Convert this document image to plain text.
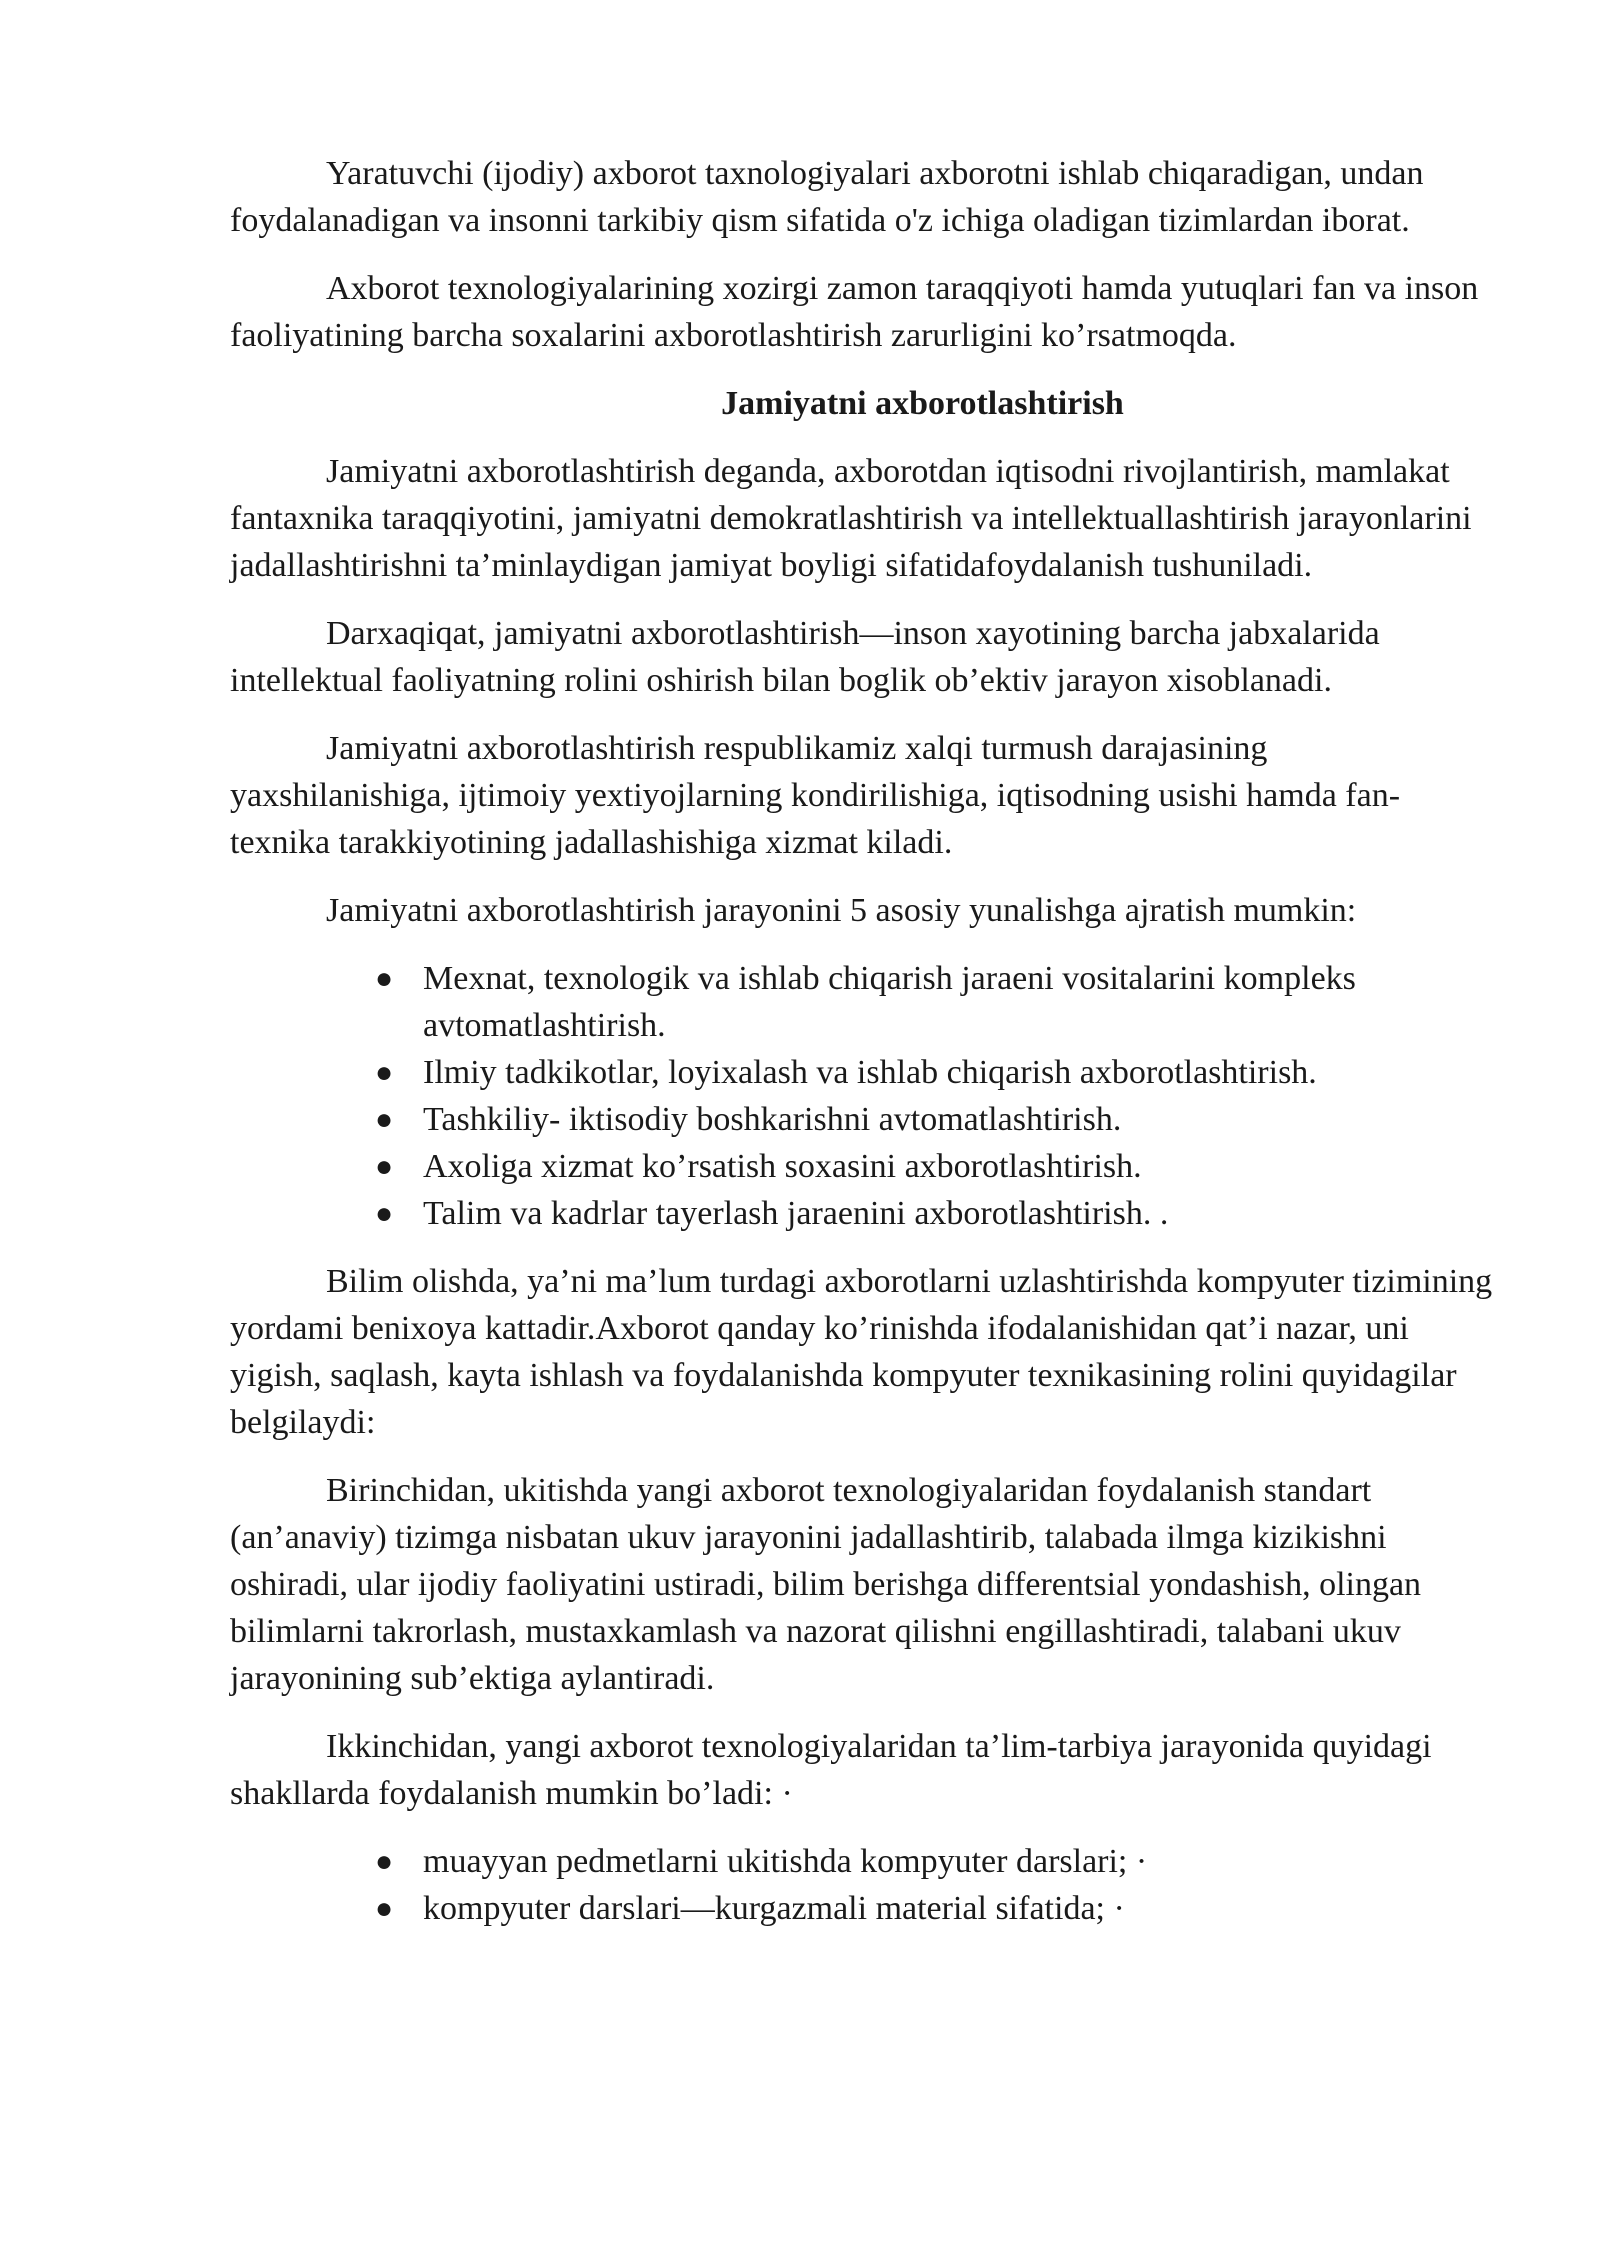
Yaratuvchi (ijodiy) axborot taxnologiyalari axborotni ishlab chiqaradigan, undan foydalanadigan va insonni tarkibiy qism sifatida o'z ichiga oladigan tizimlardan iborat.

Axborot texnologiyalarining xozirgi zamon taraqqiyoti hamda yutuqlari fan va inson faoliyatining barcha soxalarini axborotlashtirish zarurligini ko’rsatmoqda.

Jamiyatni axborotlashtirish

Jamiyatni axborotlashtirish deganda, axborotdan iqtisodni rivojlantirish, mamlakat fantaxnika taraqqiyotini, jamiyatni demokratlashtirish va intellektuallashtirish jarayonlarini jadallashtirishni ta’minlaydigan jamiyat boyligi sifatidafoydalanish tushuniladi.

Darxaqiqat, jamiyatni axborotlashtirish—inson xayotining barcha jabxalarida intellektual faoliyatning rolini oshirish bilan boglik ob’ektiv jarayon xisoblanadi.

Jamiyatni axborotlashtirish respublikamiz xalqi turmush darajasining yaxshilanishiga, ijtimoiy yextiyojlarning kondirilishiga, iqtisodning usishi hamda fan-texnika tarakkiyotining jadallashishiga xizmat kiladi.

Jamiyatni axborotlashtirish jarayonini 5 asosiy yunalishga ajratish mumkin:

● Mexnat, texnologik va ishlab chiqarish jaraeni vositalarini kompleks avtomatlashtirish.
● Ilmiy tadkikotlar, loyixalash va ishlab chiqarish axborotlashtirish.
● Tashkiliy- iktisodiy boshkarishni avtomatlashtirish.
● Axoliga xizmat ko’rsatish soxasini axborotlashtirish.
● Talim va kadrlar tayerlash jaraenini axborotlashtirish. .

Bilim olishda, ya’ni ma’lum turdagi axborotlarni uzlashtirishda kompyuter tizimining yordami benixoya kattadir.Axborot qanday ko’rinishda ifodalanishidan qat’i nazar, uni yigish, saqlash, kayta ishlash va foydalanishda kompyuter texnikasining rolini quyidagilar belgilaydi:

Birinchidan, ukitishda yangi axborot texnologiyalaridan foydalanish standart (an’anaviy) tizimga nisbatan ukuv jarayonini jadallashtirib, talabada ilmga kizikishni oshiradi, ular ijodiy faoliyatini ustiradi, bilim berishga differentsial yondashish, olingan bilimlarni takrorlash, mustaxkamlash va nazorat qilishni engillashtiradi, talabani ukuv jarayonining sub’ektiga aylantiradi.

Ikkinchidan, yangi axborot texnologiyalaridan ta’lim-tarbiya jarayonida quyidagi shakllarda foydalanish mumkin bo’ladi: ·

● muayyan pedmetlarni ukitishda kompyuter darslari; ·
● kompyuter darslari—kurgazmali material sifatida; ·
